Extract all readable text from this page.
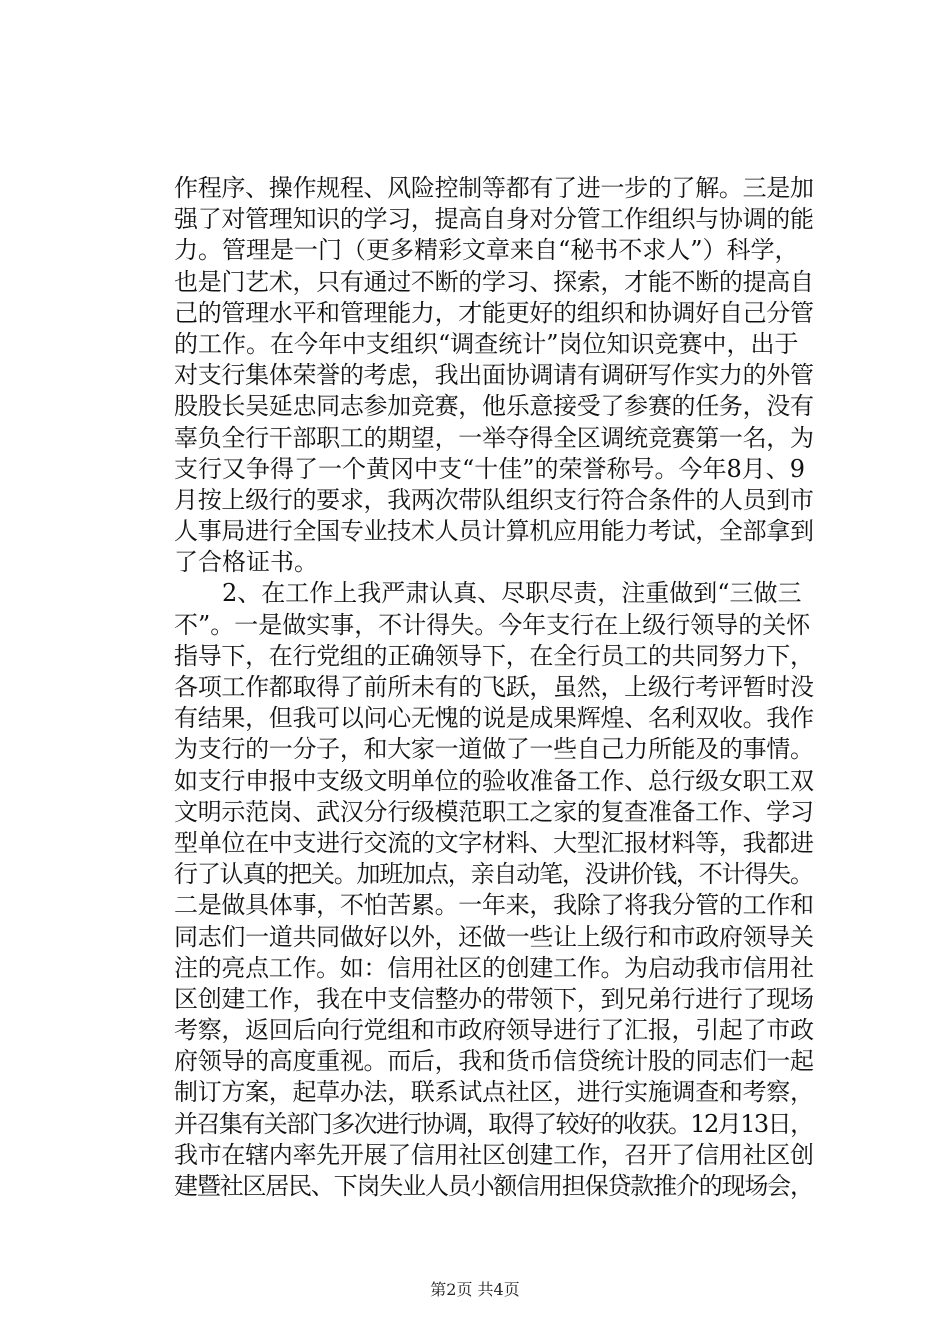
作程序、操作规程、风险控制等都有了进一步的了解。三是加
强了对管理知识的学习，提高自身对分管工作组织与协调的能
力。管理是一门（更多精彩文章来自“秘书不求人”）科学，
也是门艺术，只有通过不断的学习、探索，才能不断的提高自
己的管理水平和管理能力，才能更好的组织和协调好自己分管
的工作。在今年中支组织“调查统计”岗位知识竞赛中，出于
对支行集体荣誉的考虑，我出面协调请有调研写作实力的外管
股股长吴延忠同志参加竞赛，他乐意接受了参赛的任务，没有
辜负全行干部职工的期望，一举夺得全区调统竞赛第一名，为
支行又争得了一个黄冈中支“十佳”的荣誉称号。今年8月、9
月按上级行的要求，我两次带队组织支行符合条件的人员到市
人事局进行全国专业技术人员计算机应用能力考试，全部拿到
了合格证书。
　　2、在工作上我严肃认真、尽职尽责，注重做到“三做三
不”。一是做实事，不计得失。今年支行在上级行领导的关怀
指导下，在行党组的正确领导下，在全行员工的共同努力下，
各项工作都取得了前所未有的飞跃，虽然，上级行考评暂时没
有结果，但我可以问心无愧的说是成果辉煌、名利双收。我作
为支行的一分子，和大家一道做了一些自己力所能及的事情。
如支行申报中支级文明单位的验收准备工作、总行级女职工双
文明示范岗、武汉分行级模范职工之家的复查准备工作、学习
型单位在中支进行交流的文字材料、大型汇报材料等，我都进
行了认真的把关。加班加点，亲自动笔，没讲价钱，不计得失。
二是做具体事，不怕苦累。一年来，我除了将我分管的工作和
同志们一道共同做好以外，还做一些让上级行和市政府领导关
注的亮点工作。如：信用社区的创建工作。为启动我市信用社
区创建工作，我在中支信整办的带领下，到兄弟行进行了现场
考察，返回后向行党组和市政府领导进行了汇报，引起了市政
府领导的高度重视。而后，我和货币信贷统计股的同志们一起
制订方案，起草办法，联系试点社区，进行实施调查和考察，
并召集有关部门多次进行协调，取得了较好的收获。12月13日，
我市在辖内率先开展了信用社区创建工作，召开了信用社区创
建暨社区居民、下岗失业人员小额信用担保贷款推介的现场会，
第2页 共4页
